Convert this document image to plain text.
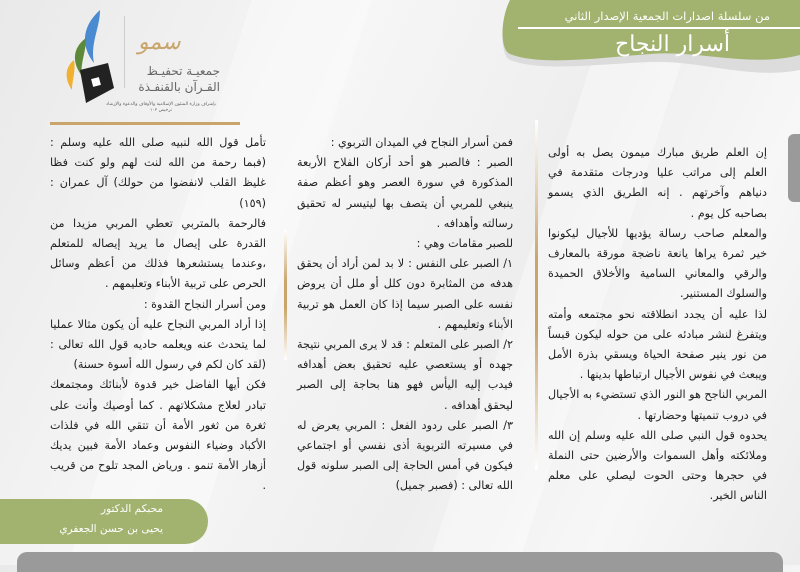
من سلسلة اصدارات الجمعية الإصدار الثاني
أسرار النجاح
سمو
جمعيـة تحفيـظ
القـرآن بالقنفـذة
بإشراف وزارة الشئون الإسلامية والأوقاف والدعوة والإرشاد
ترخيص ١٠٢

إن العلم طريق مبارك ميمون يصل به أولى العلم إلى مراتب عليا ودرجات متقدمة في دنياهم وآخرتهم . إنه الطريق الذي يسمو بصاحبه كل يوم .

والمعلم صاحب رسالة يؤديها للأجيال ليكونوا خير ثمرة يراها يانعة ناضجة مورقة بالمعارف والرقي والمعاني السامية والأخلاق الحميدة والسلوك المستنير.

لذا عليه أن يجدد انطلاقته نحو مجتمعه وأمته ويتفرغ لنشر مبادئه على من حوله ليكون قبساً من نور ينير صفحة الحياة ويسقي بذرة الأمل ويبعث في نفوس الأجيال ارتباطها بدينها .

المربي الناجح هو النور الذي تستضيء به الأجيال في دروب تنميتها وحضارتها .

يحدوه قول النبي صلى الله عليه وسلم إن الله وملائكته وأهل السموات والأرضين حتى النملة في حجرها وحتى الحوت ليصلي على معلم الناس الخير.

فمن أسرار النجاح في الميدان التربوي :

الصبر : فالصبر هو أحد أركان الفلاح الأربعة المذكورة في سورة العصر وهو أعظم صفة ينبغي للمربي أن يتصف بها ليتيسر له تحقيق رسالته وأهدافه .

للصبر مقامات وهي :

١/ الصبر على النفس : لا بد لمن أراد أن يحقق هدفه من المثابرة دون كلل أو ملل أن يروض نفسه على الصبر سيما إذا كان العمل هو تربية الأبناء وتعليمهم .

٢/ الصبر على المتعلم : قد لا يرى المربي نتيجة جهده أو يستعصي عليه تحقيق بعض أهدافه فيدب إليه اليأس فهو هنا بحاجة إلى الصبر ليحقق أهدافه .

٣/ الصبر على ردود الفعل : المربي يعرض له في مسيرته التربوية أذى نفسي أو اجتماعي فيكون في أمس الحاجة إلى الصبر سلونه قول الله تعالى : (فصبر جميل)

تأمل قول الله لنبيه صلى الله عليه وسلم : (فبما رحمة من الله لنت لهم ولو كنت فظا غليظ القلب لانفضوا من حولك) آل عمران : (١٥٩)

فالرحمة بالمتربي تعطي المربي مزيدا من القدرة على إيصال ما يريد إيصاله للمتعلم ،وعندما يستشعرها فذلك من أعظم وسائل الحرص على تربية الأبناء وتعليمهم .

ومن أسرار النجاح القدوة :

إذا أراد المربي النجاح عليه أن يكون مثالا عمليا لما يتحدث عنه ويعلمه حاديه قول الله تعالى : (لقد كان لكم في رسول الله أسوة حسنة)

فكن أيها الفاضل خير قدوة لأبنائك ومجتمعك تبادر لعلاج مشكلاتهم . كما أوصيك وأنت على ثغرة من ثغور الأمة أن تتقي الله في فلذات الأكباد وضياء النفوس وعماد الأمة فبين يديك أزهار الأمة تنمو . ورياض المجد تلوح من قريب .

محبكم الدكتور
يحيى بن حسن الجعفري
